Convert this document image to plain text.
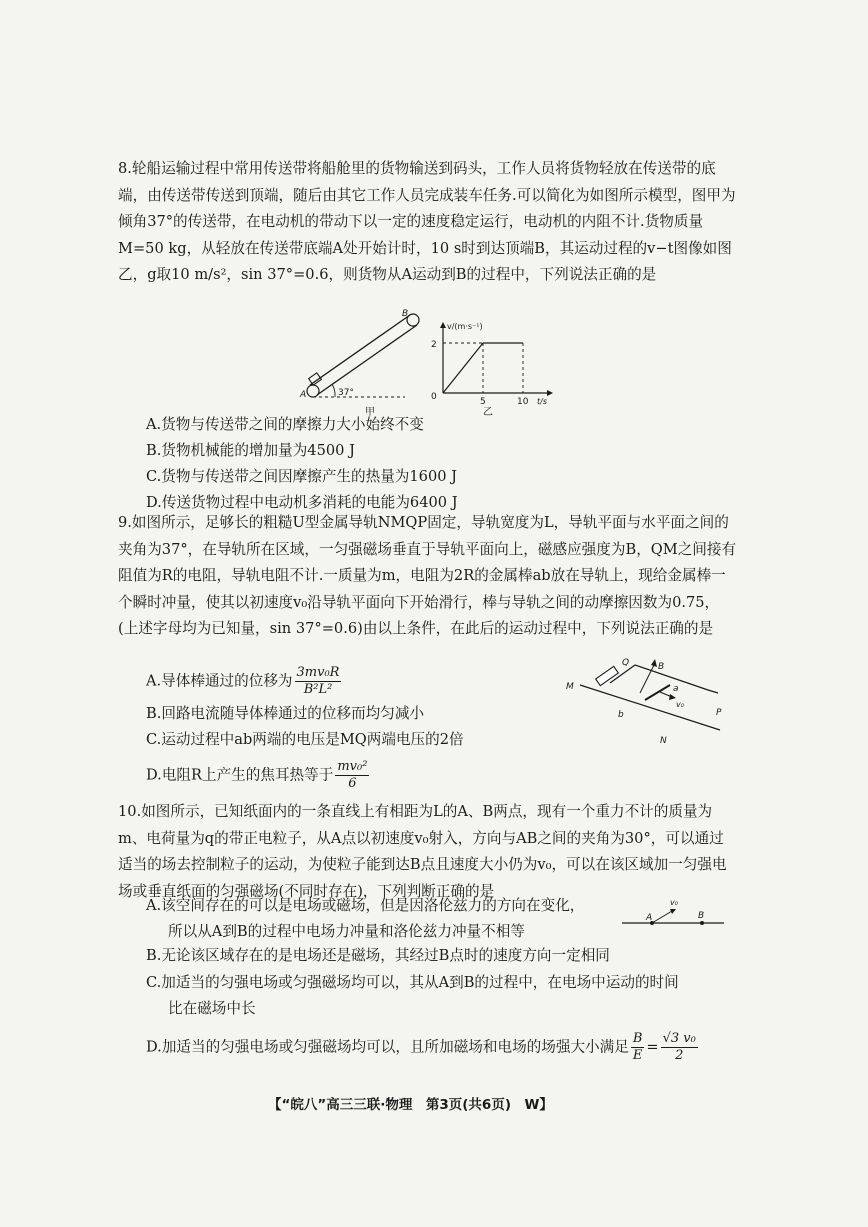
8.轮船运输过程中常用传送带将船舱里的货物输送到码头，工作人员将货物轻放在传送带的底端，由传送带传送到顶端，随后由其它工作人员完成装车任务.可以简化为如图所示模型，图甲为倾角37°的传送带，在电动机的带动下以一定的速度稳定运行，电动机的内阻不计.货物质量M=50 kg，从轻放在传送带底端A处开始计时，10 s时到达顶端B，其运动过程的v−t图像如图乙，g取10 m/s²，sin 37°=0.6，则货物从A运动到B的过程中，下列说法正确的是

A
B
37°
甲
v/(m·s⁻¹)
2
0	5	10 t/s
乙
A.货物与传送带之间的摩擦力大小始终不变
B.货物机械能的增加量为4500 J
C.货物与传送带之间因摩擦产生的热量为1600 J
D.传送货物过程中电动机多消耗的电能为6400 J

9.如图所示，足够长的粗糙U型金属导轨NMQP固定，导轨宽度为L，导轨平面与水平面之间的夹角为37°，在导轨所在区域，一匀强磁场垂直于导轨平面向上，磁感应强度为B，QM之间接有阻值为R的电阻，导轨电阻不计.一质量为m，电阻为2R的金属棒ab放在导轨上，现给金属棒一个瞬时冲量，使其以初速度v₀沿导轨平面向下开始滑行，棒与导轨之间的动摩擦因数为0.75，(上述字母均为已知量，sin 37°=0.6)由以上条件，在此后的运动过程中，下列说法正确的是

A.导体棒通过的位移为 $\frac{\text{3mv₀R}}{\text{B²L²}}$
B.回路电流随导体棒通过的位移而均匀减小
C.运动过程中ab两端的电压是MQ两端电压的2倍
D.电阻R上产生的焦耳热等于 $\frac{\text{mv₀²}}{6}$
Q	B
M	a
b
v₀
N
P

10.如图所示，已知纸面内的一条直线上有相距为L的A、B两点，现有一个重力不计的质量为m、电荷量为q的带正电粒子，从A点以初速度v₀射入，方向与AB之间的夹角为30°，可以通过适当的场去控制粒子的运动，为使粒子能到达B点且速度大小仍为v₀，可以在该区域加一匀强电场或垂直纸面的匀强磁场(不同时存在)，下列判断正确的是

A.该空间存在的可以是电场或磁场，但是因洛伦兹力的方向在变化，
所以从A到B的过程中电场力冲量和洛伦兹力冲量不相等
B.无论该区域存在的是电场还是磁场，其经过B点时的速度方向一定相同
C.加适当的匀强电场或匀强磁场均可以，其从A到B的过程中，在电场中运动的时间
比在磁场中长
D.加适当的匀强电场或匀强磁场均可以，且所加磁场和电场的场强大小满足 $\frac{B}{E} = \frac{\text{√3 v₀}}{2}$
A	B
v₀
【“皖八”高三三联·物理　第3页(共6页)　W】
